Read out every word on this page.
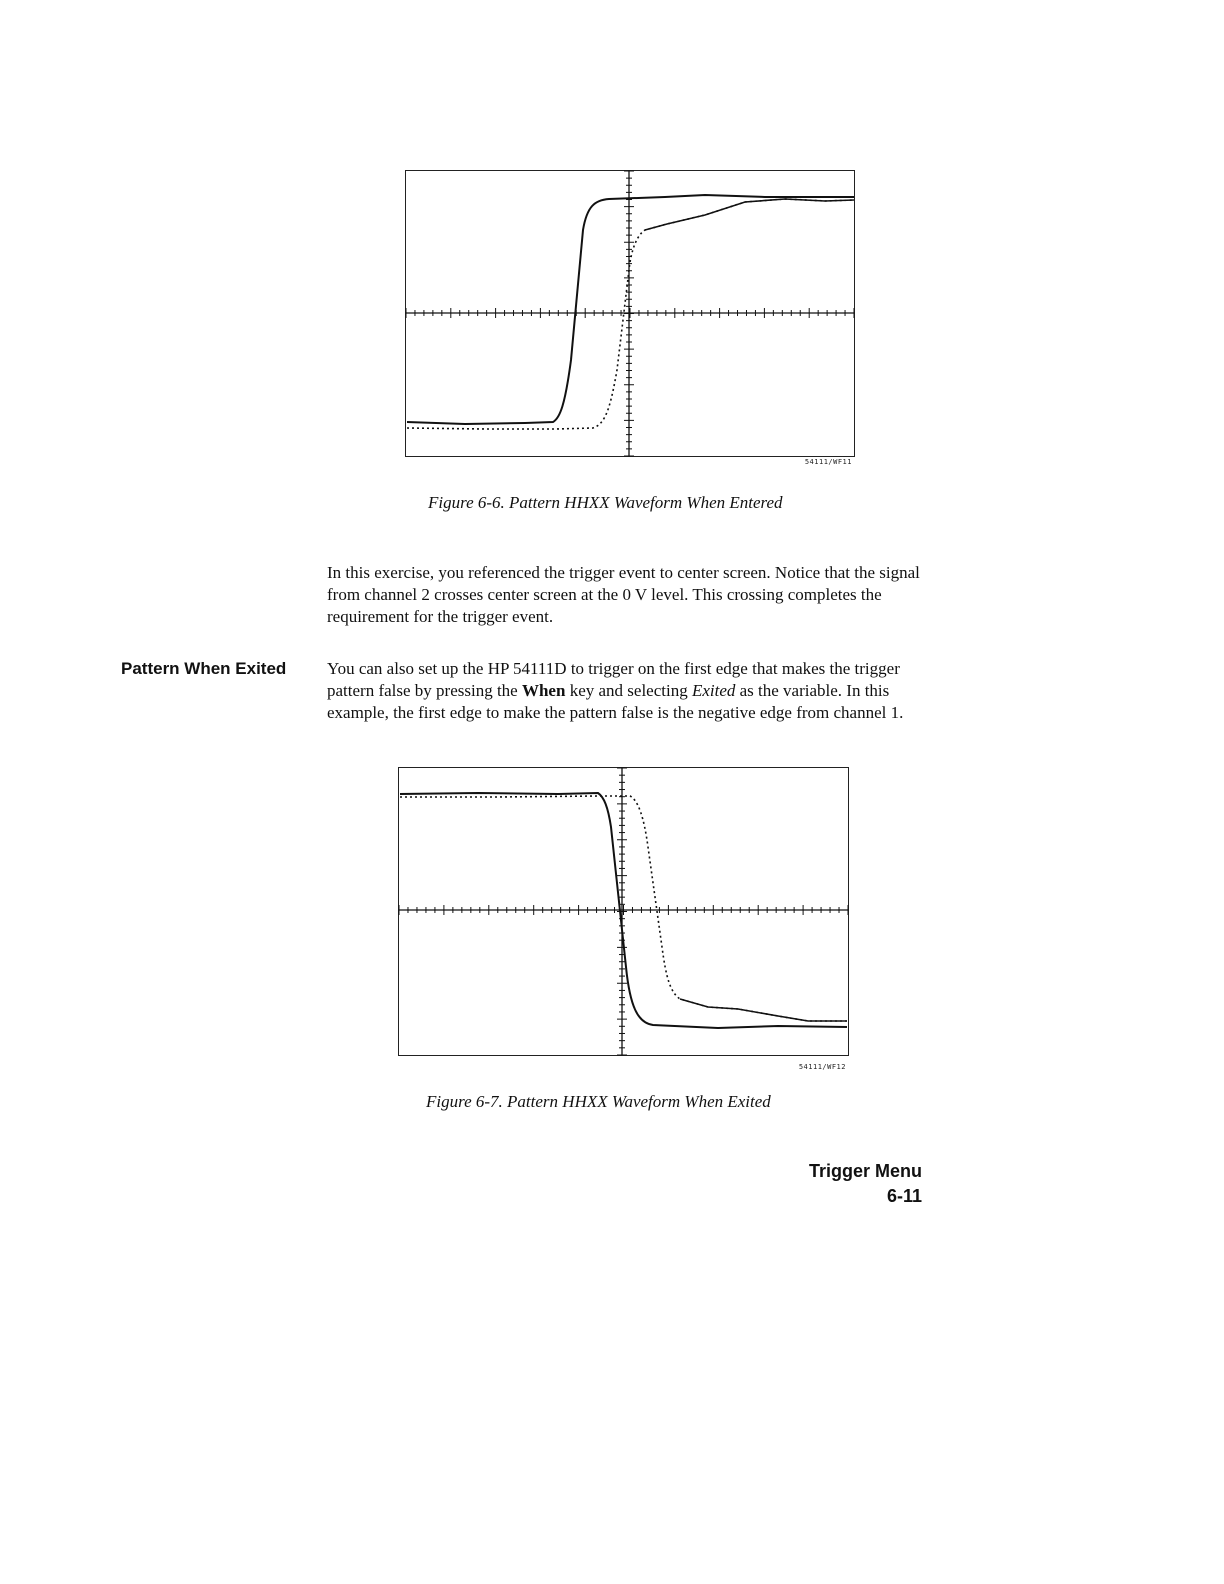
54111/WF11
Figure 6-6. Pattern HHXX Waveform When Entered
In this exercise, you referenced the trigger event to center screen. Notice that the signal from channel 2 crosses center screen at the 0 V level. This crossing completes the requirement for the trigger event.
Pattern When Exited You can also set up the HP 54111D to trigger on the first edge that makes the trigger pattern false by pressing the When key and selecting Exited as the variable. In this example, the first edge to make the pattern false is the negative edge from channel 1.
54111/WF12
Figure 6-7. Pattern HHXX Waveform When Exited
Trigger Menu
6-11
